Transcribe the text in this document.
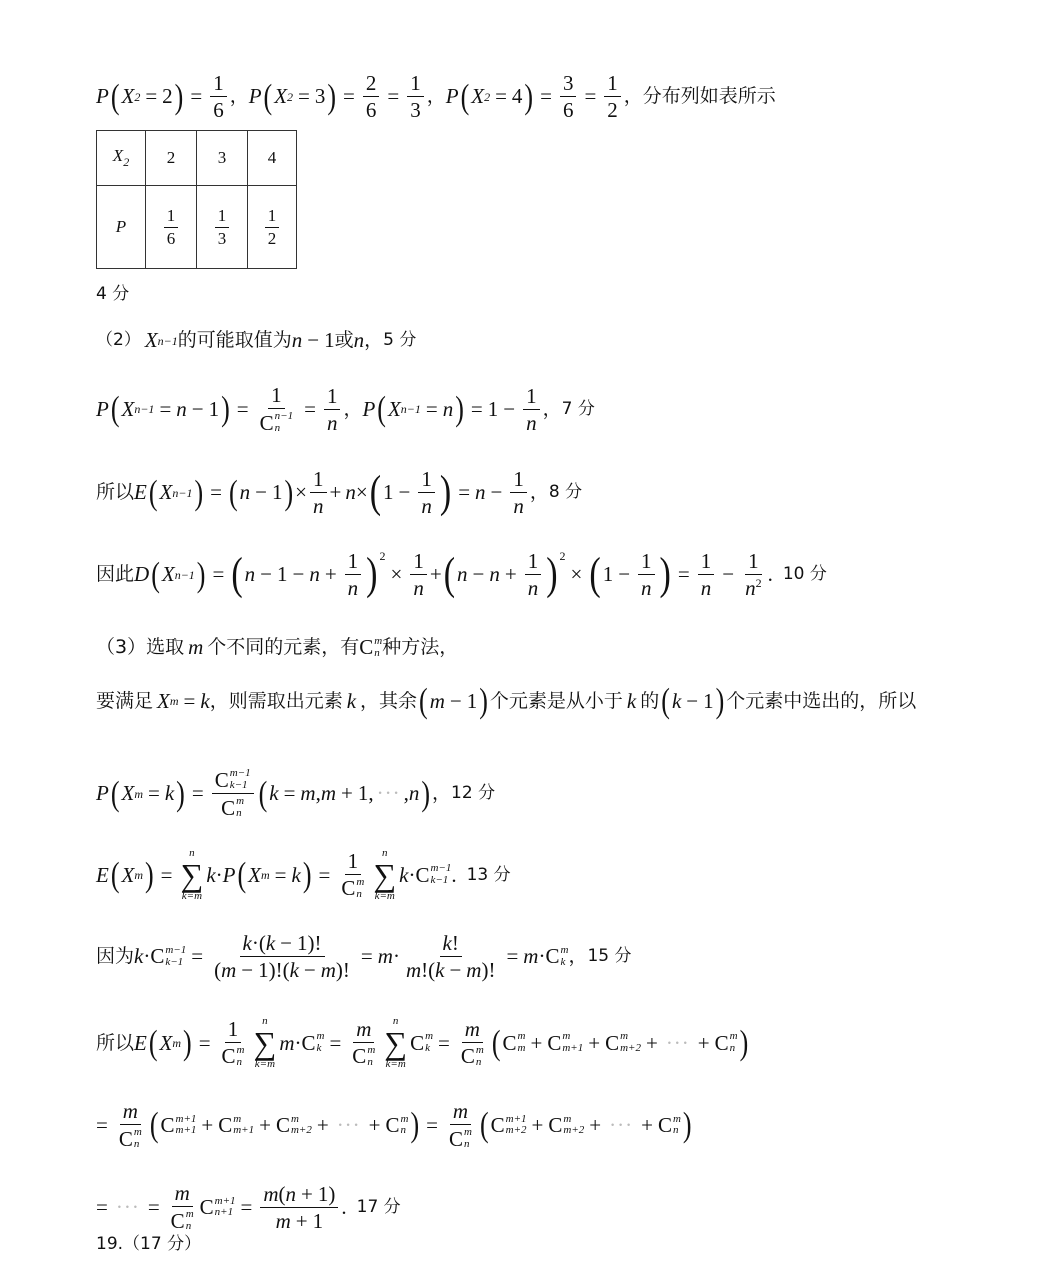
P ( X 2 = 2 ) = $\frac{1}{6}$ ， P ( X 2 = 3 ) = $\frac{2}{6} = \frac{1}{3}$ ， P ( X 2 = 4 ) = $\frac{3}{6} = \frac{1}{2}$ ，分布列如表所示
$X_2$	2	3	4
P	$\frac{1}{6}$	$\frac{1}{3}$	$\frac{1}{2}$
4 分
（2） X n−1 的可能取值为 n − 1 或 n ， 5 分
P ( X n−1 = n − 1 ) = 1
C n−1
$n = \frac{1}{n}$ ， P ( X n−1 = n ) = $1 - \frac{1}{n}$ ， 7 分
所以 E ( X n−1 ) = ( n − 1 ) × $\frac{1}{n} + n$ × ( $1 - \frac{1}{n}$ ) = $n - \frac{1}{n}$ ， 8 分
因此 D ( X n−1 ) = ( $n - 1 - n + \frac{1}{n} )^2$
× $\frac{1}{n}$ + ( $n - n + \frac{1}{n} )^2$
× ( $1 - \frac{1}{n}$ ) = $\frac{1}{n} - \frac{1}{n^2}$ . 10 分
（3）选取 m 个不同的元素，有 C m
n 种方法，
要满足 X m = k ，则需取出元素 k ，其余 ( m − 1 ) 个元素是从小于 k 的 ( k − 1 ) 个元素中选出的，所以
P ( X m = k ) = C m−1
k−1
C m
n ( k = m , m + 1, ··· , n ) ， 12 分
E ( X m ) =
n
∑
k=m
k · P ( X m = k ) = 1
C m
n n
∑
k=m
k · C m−1
k−1 . 13 分
因为 k · C m−1
$k-1 = \frac{k\cdot(k - 1)!}{(m - 1)!(k - m)!} = m \cdot \frac{k!}{m!(k - m)!} = m \cdot C$ m
k ， 15 分
所以 E ( X m ) = 1
C m
n n
∑
k=m
m · C m
k = m
C m
n n
∑
k=m
C m
k = m
C m
n ( C m
m + C m
m+1 + C m
m+2 + ··· + C m
n )
= m
C m
n ( C m+1
m+1 + C m
m+1 + C m
m+2 + ··· + C m
n ) = m
C m
n ( C m+1
m+2 + C m
m+2 + ··· + C m
n )
= ··· = m
C m
n C m+1
$n+1 = \frac{m(n + 1)}{m + 1}$ . 17 分
19.（17 分）
